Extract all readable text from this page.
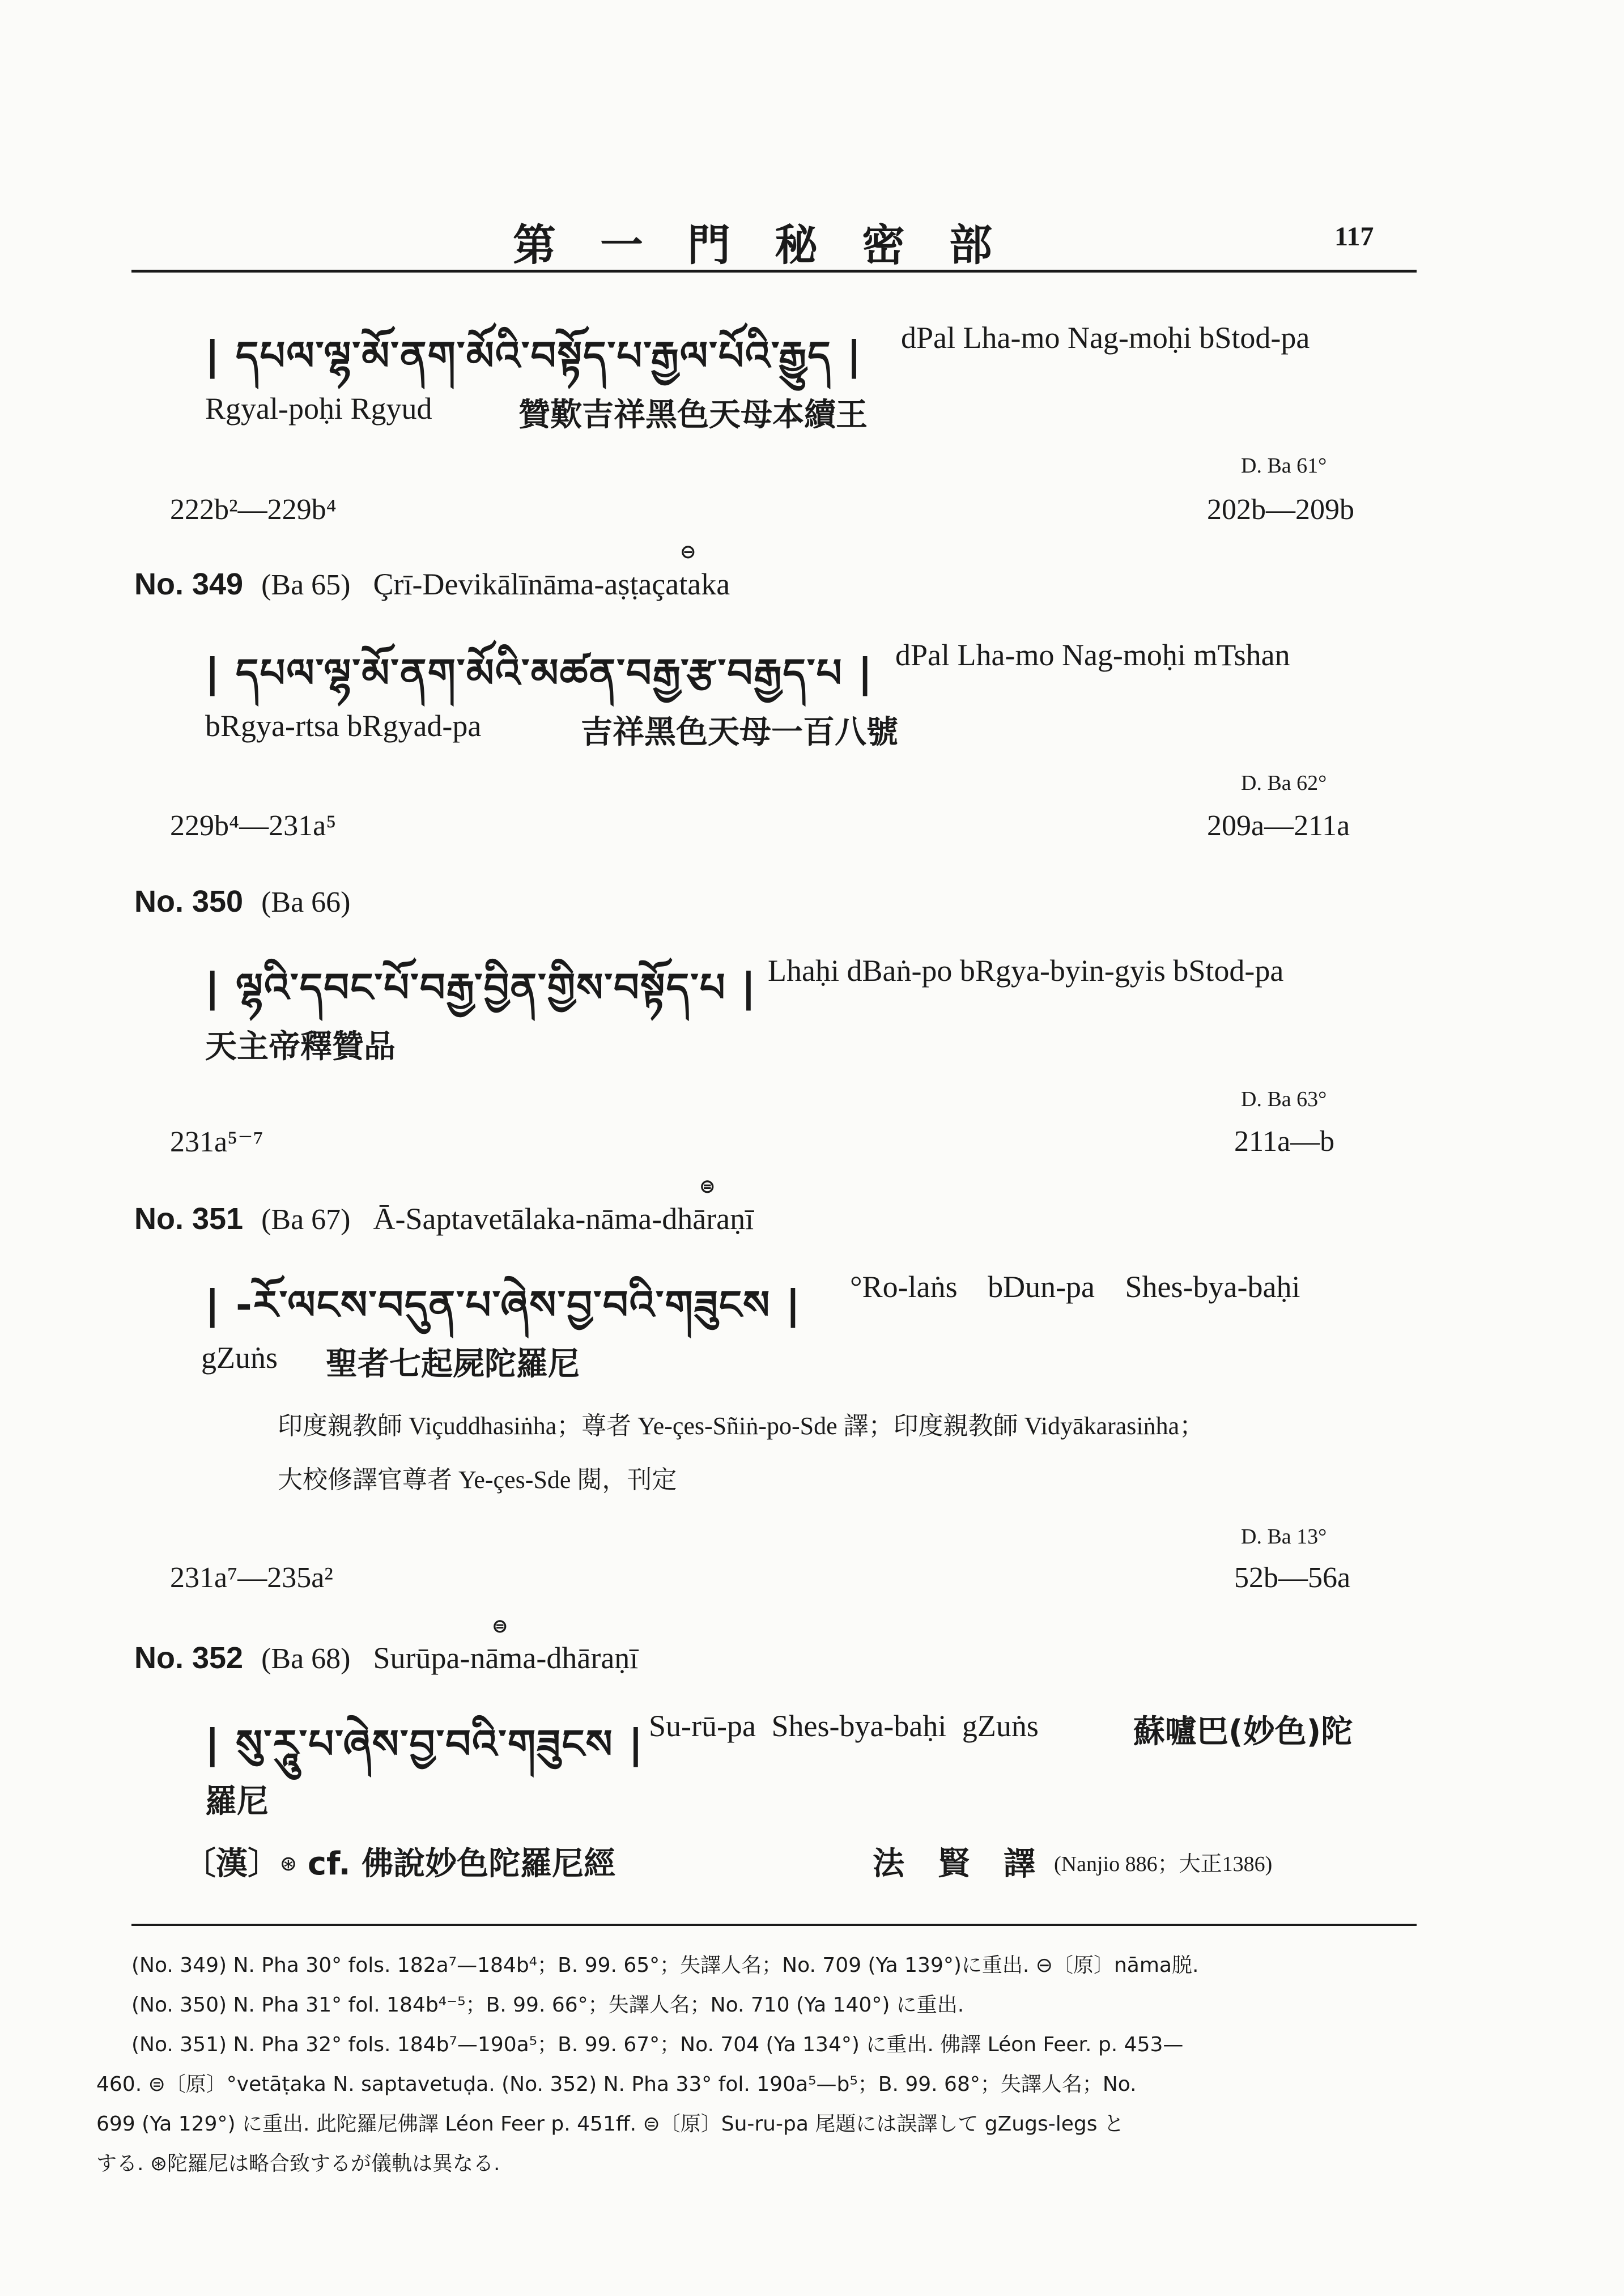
第一門秘密部	117
| དཔལ་ལྷ་མོ་ནག་མོའི་བསྟོད་པ་རྒྱལ་པོའི་རྒྱུད | dPal Lha-mo Nag-moḥi bStod-pa
Rgyal-poḥi Rgyud	贊歎吉祥黑色天母本續王
D. Ba 61°
222b²—229b⁴	202b—209b
No. 349 (Ba 65) Çrī-Devikālīnāma-aṣṭaçataka
⊖
| དཔལ་ལྷ་མོ་ནག་མོའི་མཚན་བརྒྱ་རྩ་བརྒྱད་པ | dPal Lha-mo Nag-moḥi mTshan
bRgya-rtsa bRgyad-pa	吉祥黑色天母一百八號
D. Ba 62°
229b⁴—231a⁵	209a—211a
No. 350 (Ba 66)
| ལྷའི་དབང་པོ་བརྒྱ་བྱིན་གྱིས་བསྟོད་པ | Lhaḥi dBaṅ-po bRgya-byin-gyis bStod-pa
天主帝釋贊品
D. Ba 63°
231a⁵⁻⁷	211a—b
No. 351 (Ba 67) Ā-Saptavetālaka-nāma-dhāraṇī
⊜
| -རོ་ལངས་བདུན་པ་ཞེས་བྱ་བའི་གཟུངས | °Ro-laṅs bDun-pa Shes-bya-baḥi
gZuṅs 聖者七起屍陀羅尼
印度親教師 Viçuddhasiṅha；尊者 Ye-çes-Sñiṅ-po-Sde 譯；印度親教師 Vidyākarasiṅha；
大校修譯官尊者 Ye-çes-Sde 閱，刊定
D. Ba 13°
231a⁷—235a²	52b—56a
No. 352 (Ba 68) Surūpa-nāma-dhāraṇī
⊜
| སུ་རཱུ་པ་ཞེས་བྱ་བའི་གཟུངས | Su-rū-pa Shes-bya-baḥi gZuṅs	蘇嚧巴(妙色)陀
羅尼
〔漢〕⊛ cf. 佛說妙色陀羅尼經	法 賢 譯 (Nanjio 886；大正1386)
(No. 349) N. Pha 30° fols. 182a⁷—184b⁴；B. 99. 65°；失譯人名；No. 709 (Ya 139°)に重出. ⊖〔原〕nāma脱.
(No. 350) N. Pha 31° fol. 184b⁴⁻⁵；B. 99. 66°；失譯人名；No. 710 (Ya 140°) に重出.
(No. 351) N. Pha 32° fols. 184b⁷—190a⁵；B. 99. 67°；No. 704 (Ya 134°) に重出. 佛譯 Léon Feer. p. 453—
460. ⊜〔原〕°vetāṭaka N. saptavetuḍa. (No. 352) N. Pha 33° fol. 190a⁵—b⁵；B. 99. 68°；失譯人名；No.
699 (Ya 129°) に重出. 此陀羅尼佛譯 Léon Feer p. 451ff. ⊜〔原〕Su-ru-pa 尾題には誤譯して gZugs-legs と
する. ⊛陀羅尼は略合致するが儀軌は異なる.
